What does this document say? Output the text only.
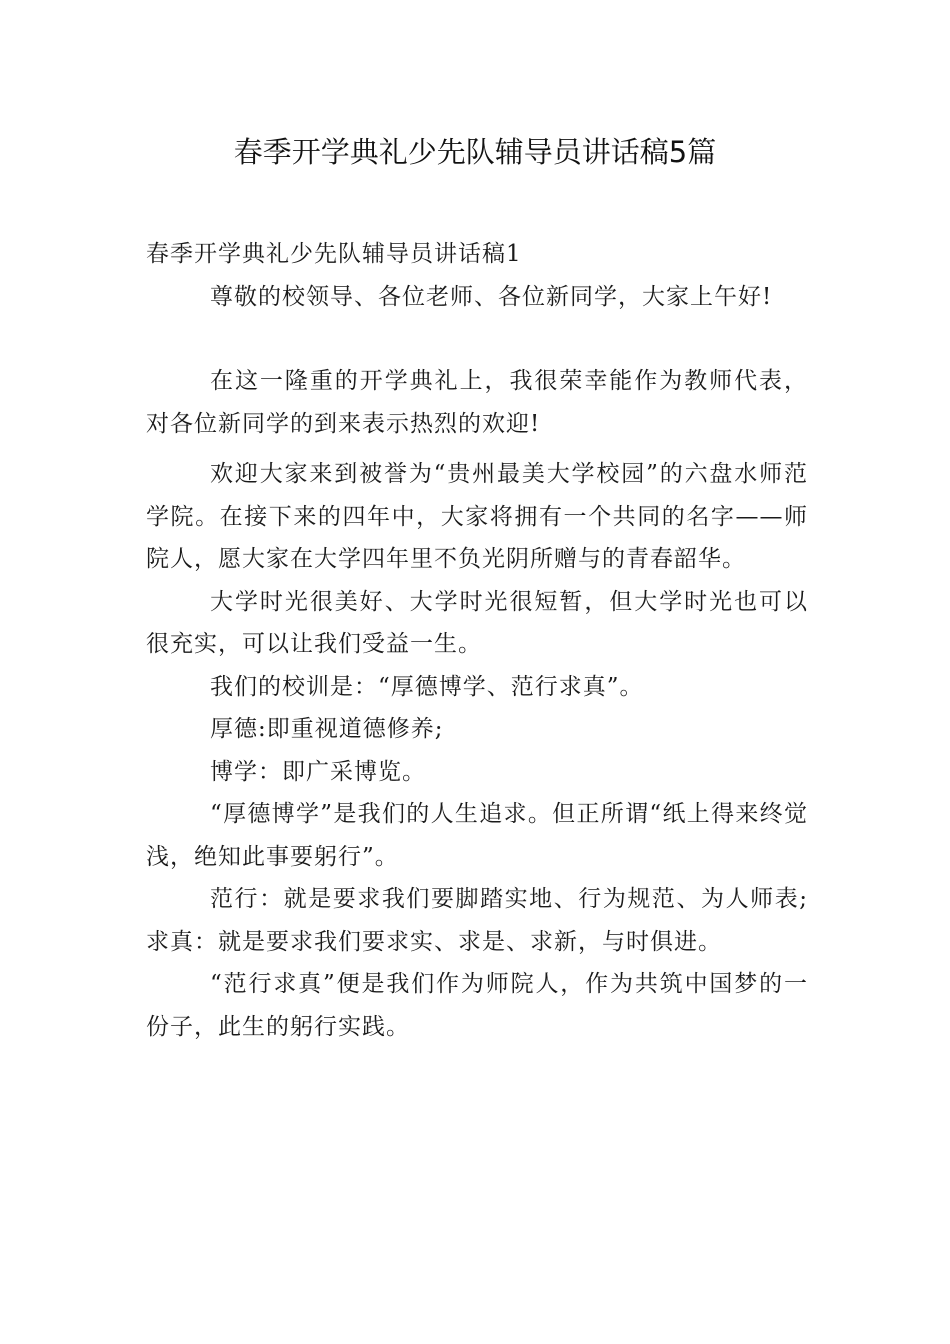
春季开学典礼少先队辅导员讲话稿5篇

春季开学典礼少先队辅导员讲话稿1

尊敬的校领导、各位老师、各位新同学，大家上午好!

在这一隆重的开学典礼上，我很荣幸能作为教师代表，对各位新同学的到来表示热烈的欢迎!

欢迎大家来到被誉为“贵州最美大学校园”的六盘水师范学院。在接下来的四年中，大家将拥有一个共同的名字——师院人，愿大家在大学四年里不负光阴所赠与的青春韶华。

大学时光很美好、大学时光很短暂，但大学时光也可以很充实，可以让我们受益一生。

我们的校训是：“厚德博学、范行求真”。

厚德:即重视道德修养;

博学：即广采博览。

“厚德博学”是我们的人生追求。但正所谓“纸上得来终觉浅，绝知此事要躬行”。

范行：就是要求我们要脚踏实地、行为规范、为人师表;求真：就是要求我们要求实、求是、求新，与时俱进。

“范行求真”便是我们作为师院人，作为共筑中国梦的一份子，此生的躬行实践。
